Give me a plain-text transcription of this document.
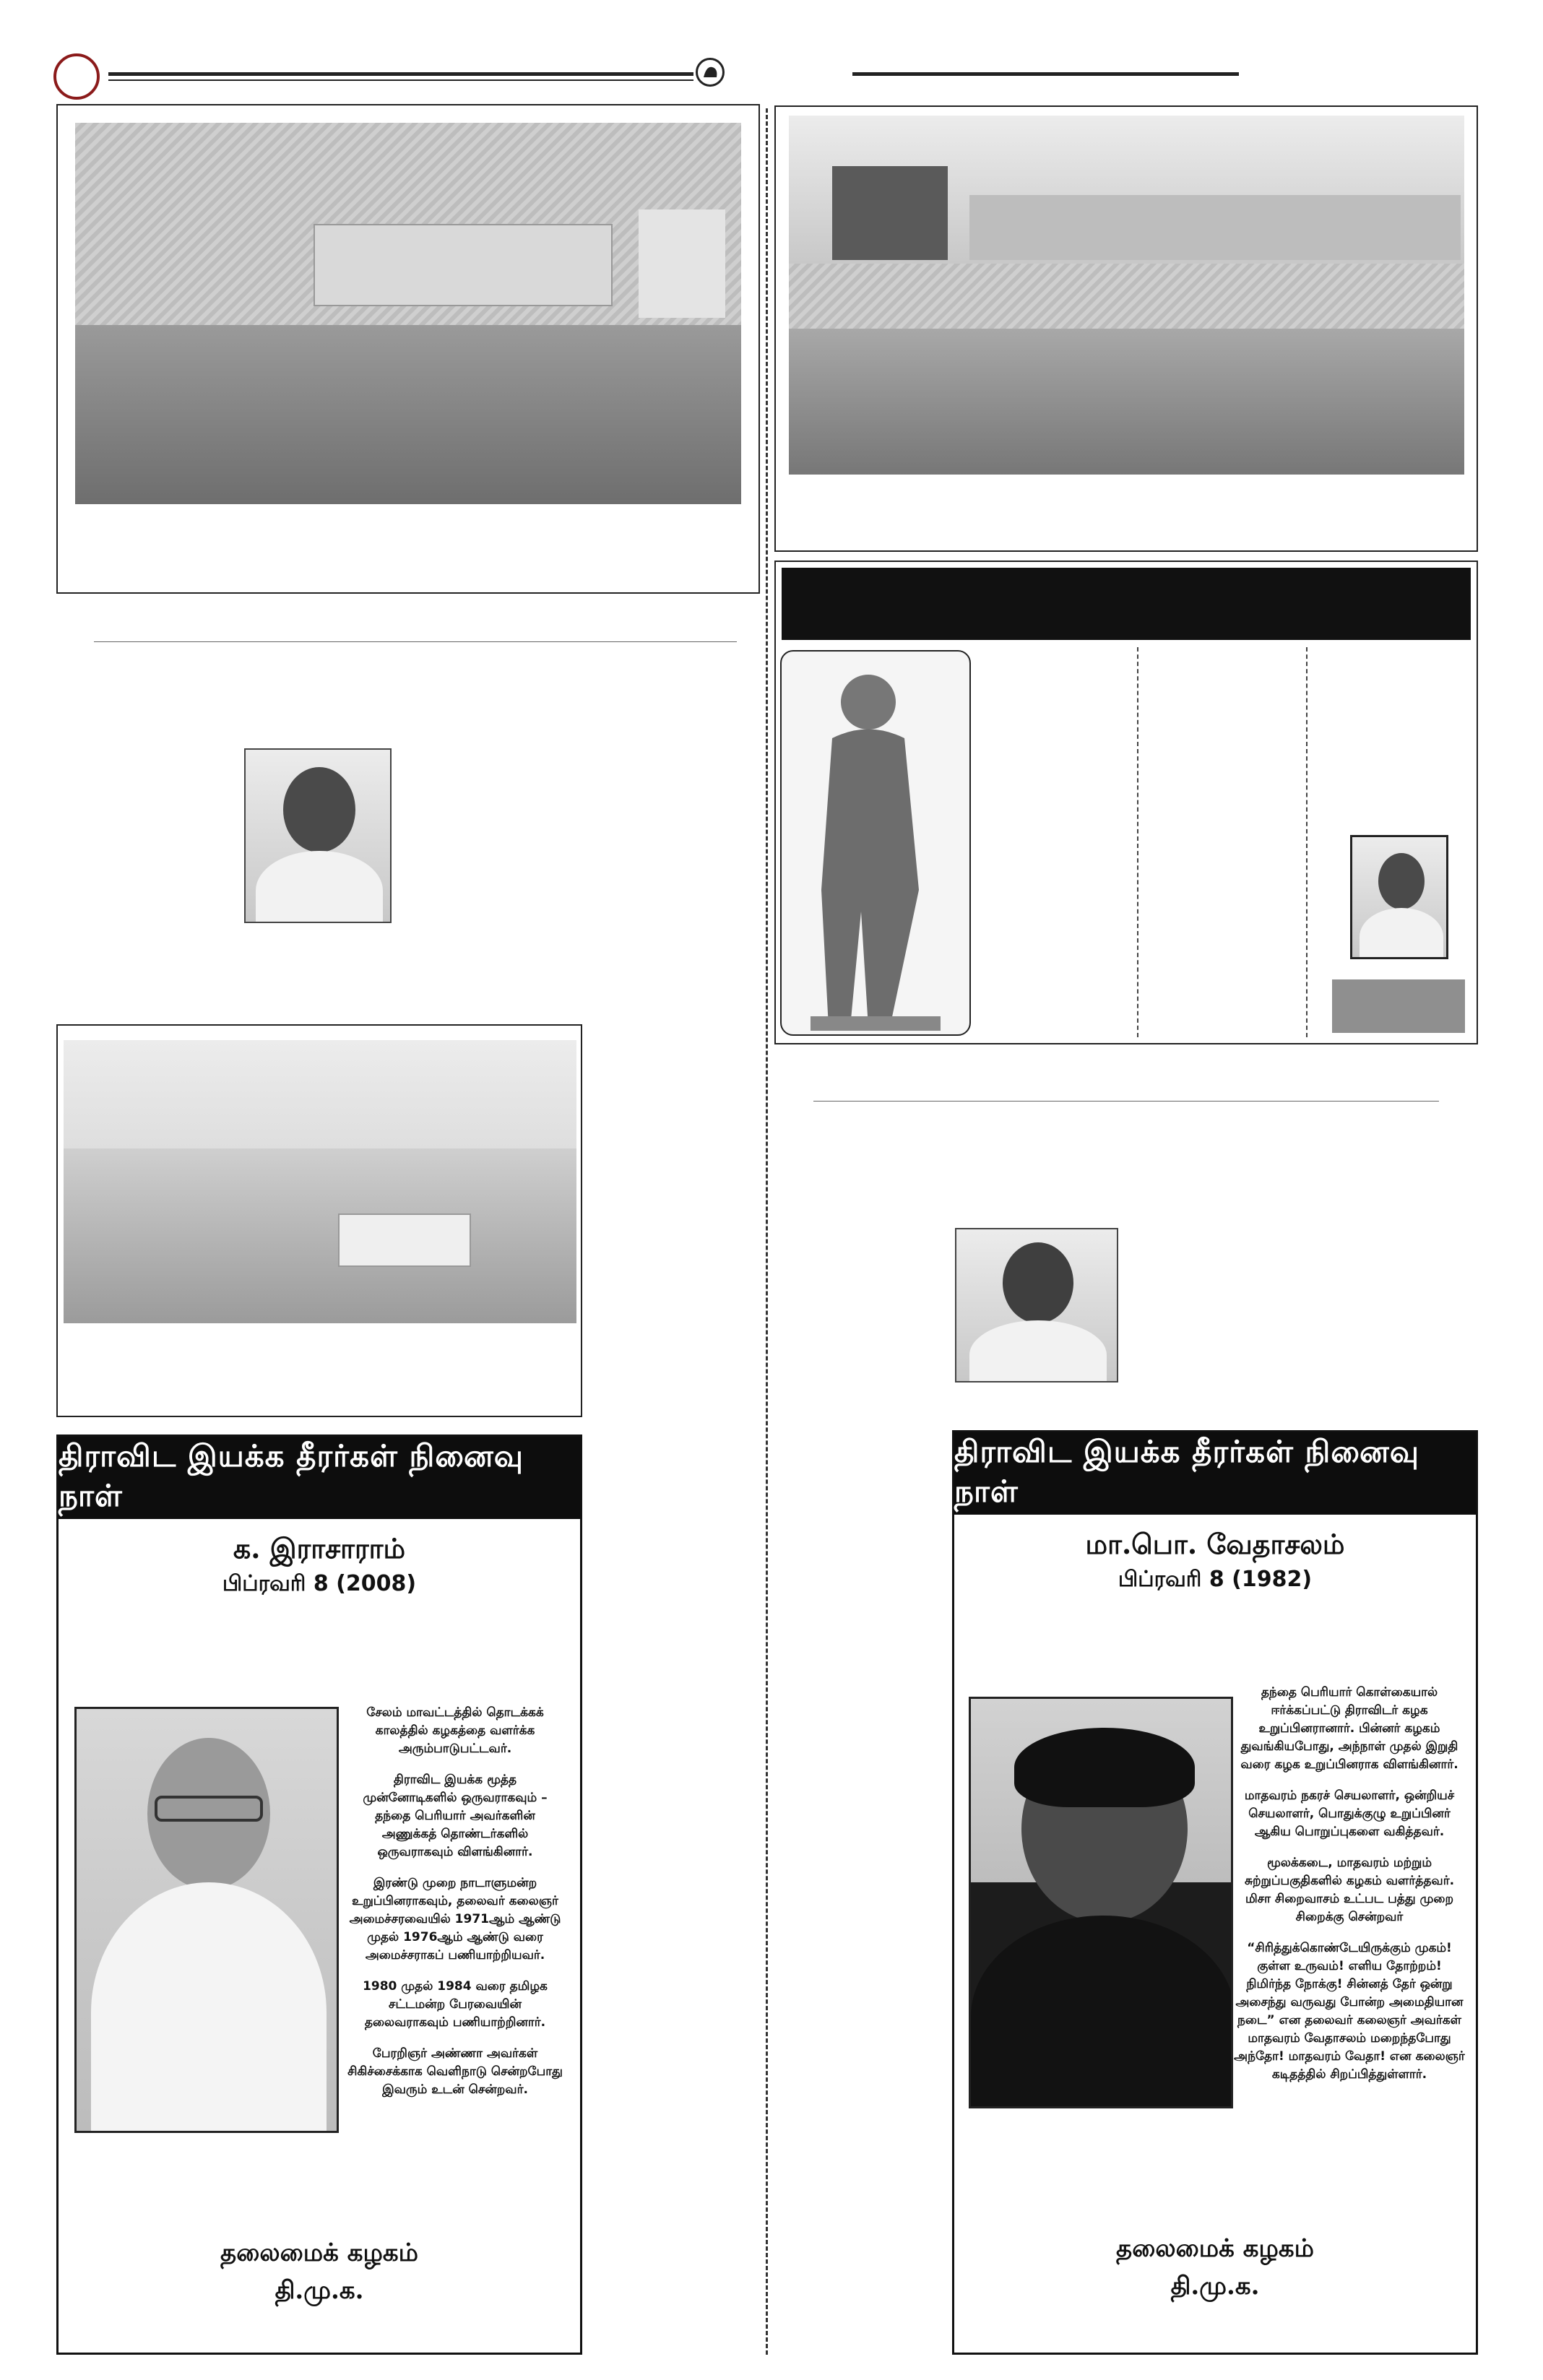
திராவிட இயக்க தீரர்கள் நினைவு நாள்
க. இராசாராம்
பிப்ரவரி 8 (2008)

சேலம் மாவட்டத்தில் தொடக்கக் காலத்தில் கழகத்தை வளர்க்க அரும்பாடுபட்டவர்.

திராவிட இயக்க மூத்த முன்னோடிகளில் ஒருவராகவும் – தந்தை பெரியார் அவர்களின் அணுக்கத் தொண்டர்களில் ஒருவராகவும் விளங்கினார்.

இரண்டு முறை நாடாளுமன்ற உறுப்பினராகவும், தலைவர் கலைஞர் அமைச்சரவையில் 1971ஆம் ஆண்டு முதல் 1976ஆம் ஆண்டு வரை அமைச்சராகப் பணியாற்றியவர்.

1980 முதல் 1984 வரை தமிழக சட்டமன்ற பேரவையின் தலைவராகவும் பணியாற்றினார்.

பேரறிஞர் அண்ணா அவர்கள் சிகிச்சைக்காக வெளிநாடு சென்றபோது இவரும் உடன் சென்றவர்.

தலைமைக் கழகம்
தி.மு.க.
திராவிட இயக்க தீரர்கள் நினைவு நாள்
மா.பொ. வேதாசலம்
பிப்ரவரி 8 (1982)

தந்தை பெரியார் கொள்கையால் ஈர்க்கப்பட்டு திராவிடர் கழக உறுப்பினரானார். பின்னர் கழகம் துவங்கியபோது, அந்நாள் முதல் இறுதி வரை கழக உறுப்பினராக விளங்கினார்.

மாதவரம் நகரச் செயலாளர், ஒன்றியச் செயலாளர், பொதுக்குழு உறுப்பினர் ஆகிய பொறுப்புகளை வகித்தவர்.

மூலக்கடை, மாதவரம் மற்றும் சுற்றுப்பகுதிகளில் கழகம் வளர்த்தவர். மிசா சிறைவாசம் உட்பட பத்து முறை சிறைக்கு சென்றவர்

“சிரித்துக்கொண்டேயிருக்கும் முகம்! குள்ள உருவம்! எளிய தோற்றம்! நிமிர்ந்த நோக்கு! சின்னத் தேர் ஒன்று அசைந்து வருவது போன்ற அமைதியான நடை” என தலைவர் கலைஞர் அவர்கள் மாதவரம் வேதாசலம் மறைந்தபோது அந்தோ! மாதவரம் வேதா! என கலைஞர் கடிதத்தில் சிறப்பித்துள்ளார்.

தலைமைக் கழகம்
தி.மு.க.
